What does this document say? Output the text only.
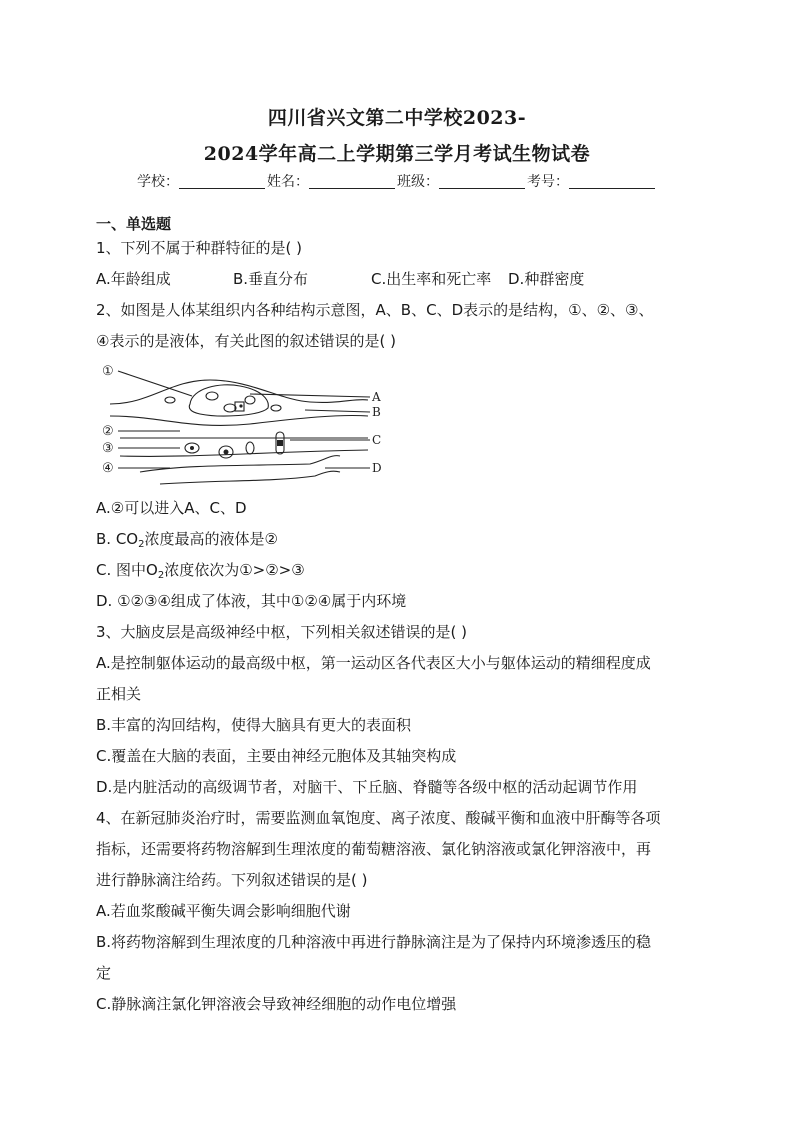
四川省兴文第二中学校2023-
2024学年高二上学期第三学月考试生物试卷
学校：	姓名：	班级：	考号：
一、单选题
1、下列不属于种群特征的是( )
A.年龄组成	B.垂直分布	C.出生率和死亡率 D.种群密度
2、如图是人体某组织内各种结构示意图，A、B、C、D表示的是结构，①、②、③、
④表示的是液体，有关此图的叙述错误的是( )
①
②
③
④
A
B
C
D
A.②可以进入A、C、D
B. $CO_2$浓度最高的液体是②
C. 图中$O_2$浓度依次为①>②>③
D. ①②③④组成了体液，其中①②④属于内环境
3、大脑皮层是高级神经中枢，下列相关叙述错误的是( )
A.是控制躯体运动的最高级中枢，第一运动区各代表区大小与躯体运动的精细程度成
正相关
B.丰富的沟回结构，使得大脑具有更大的表面积
C.覆盖在大脑的表面，主要由神经元胞体及其轴突构成
D.是内脏活动的高级调节者，对脑干、下丘脑、脊髓等各级中枢的活动起调节作用
4、在新冠肺炎治疗时，需要监测血氧饱度、离子浓度、酸碱平衡和血液中肝酶等各项
指标，还需要将药物溶解到生理浓度的葡萄糖溶液、氯化钠溶液或氯化钾溶液中，再
进行静脉滴注给药。下列叙述错误的是( )
A.若血浆酸碱平衡失调会影响细胞代谢
B.将药物溶解到生理浓度的几种溶液中再进行静脉滴注是为了保持内环境渗透压的稳
定
C.静脉滴注氯化钾溶液会导致神经细胞的动作电位增强
